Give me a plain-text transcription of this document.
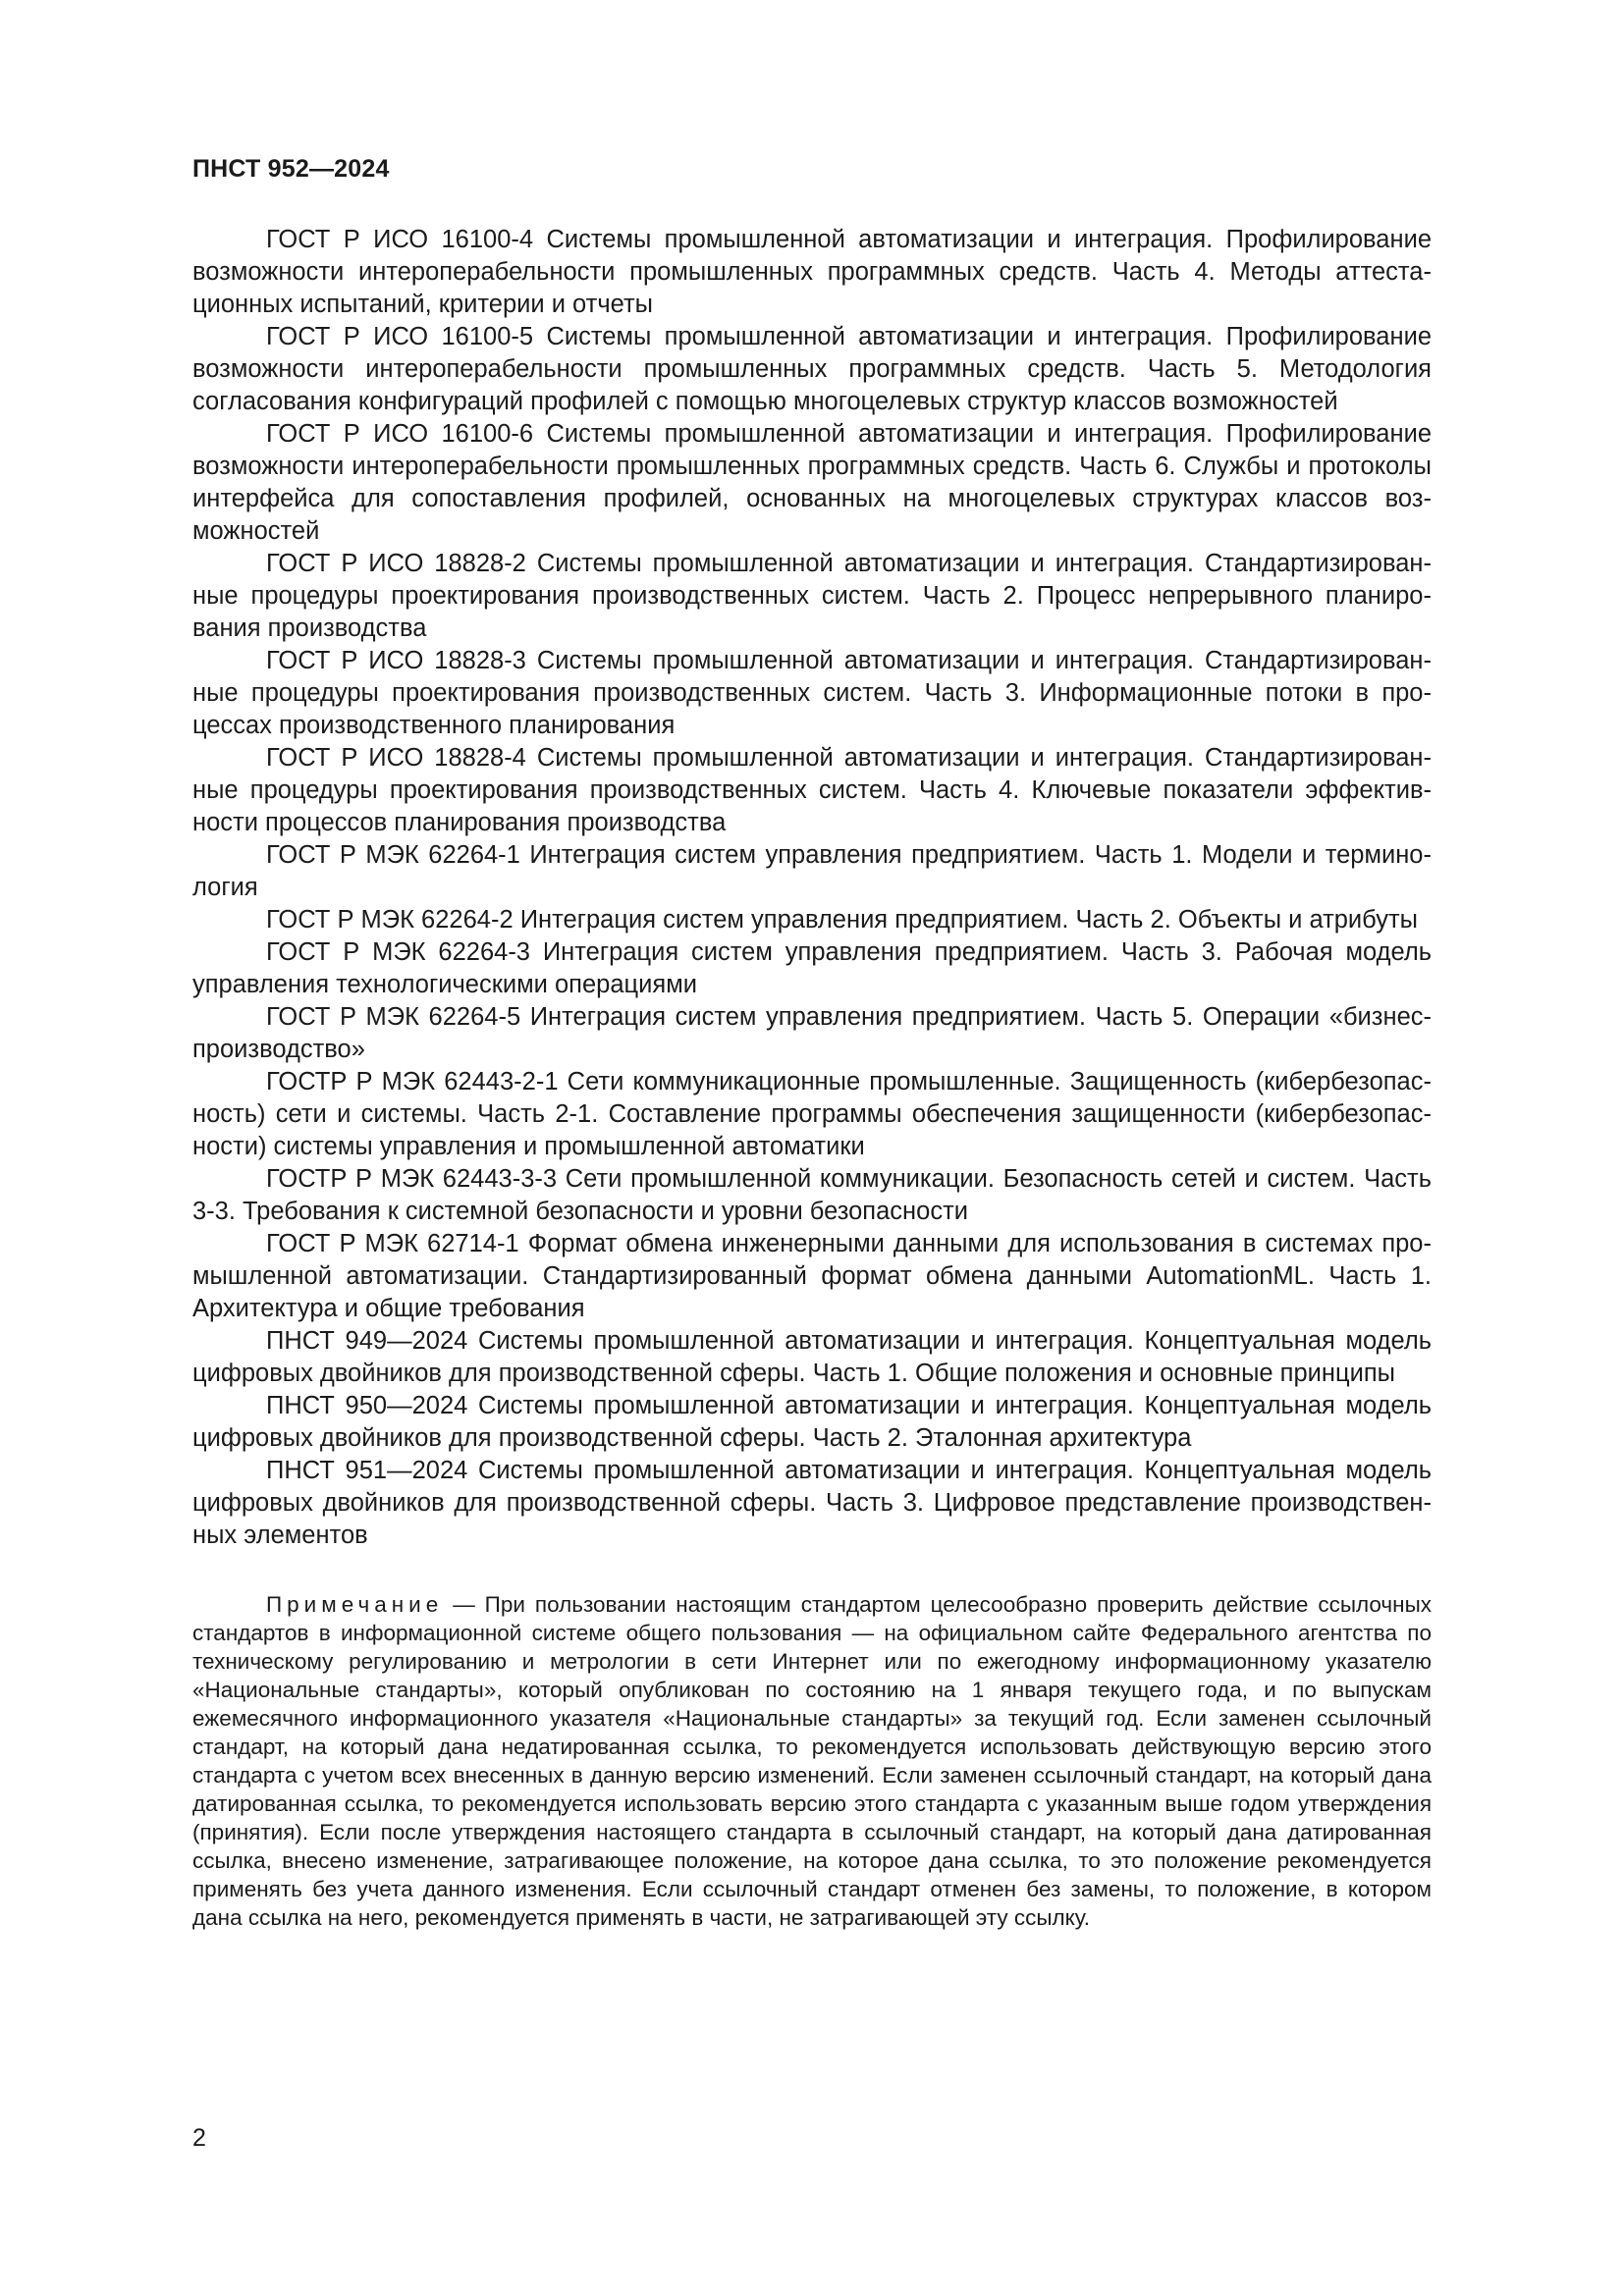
ПНСТ 952—2024

ГОСТ Р ИСО 16100-4 Системы промышленной автоматизации и интеграция. Профилирование возможности интероперабельности промышленных программных средств. Часть 4. Методы аттестационных испытаний, критерии и отчеты

ГОСТ Р ИСО 16100-5 Системы промышленной автоматизации и интеграция. Профилирование возможности интероперабельности промышленных программных средств. Часть 5. Методология согласования конфигураций профилей с помощью многоцелевых структур классов возможностей

ГОСТ Р ИСО 16100-6 Системы промышленной автоматизации и интеграция. Профилирование возможности интероперабельности промышленных программных средств. Часть 6. Службы и протоколы интерфейса для сопоставления профилей, основанных на многоцелевых структурах классов возможностей

ГОСТ Р ИСО 18828-2 Системы промышленной автоматизации и интеграция. Стандартизированные процедуры проектирования производственных систем. Часть 2. Процесс непрерывного планирования производства

ГОСТ Р ИСО 18828-3 Системы промышленной автоматизации и интеграция. Стандартизированные процедуры проектирования производственных систем. Часть 3. Информационные потоки в процессах производственного планирования

ГОСТ Р ИСО 18828-4 Системы промышленной автоматизации и интеграция. Стандартизированные процедуры проектирования производственных систем. Часть 4. Ключевые показатели эффективности процессов планирования производства

ГОСТ Р МЭК 62264-1 Интеграция систем управления предприятием. Часть 1. Модели и терминология

ГОСТ Р МЭК 62264-2 Интеграция систем управления предприятием. Часть 2. Объекты и атрибуты

ГОСТ Р МЭК 62264-3 Интеграция систем управления предприятием. Часть 3. Рабочая модель управления технологическими операциями

ГОСТ Р МЭК 62264-5 Интеграция систем управления предприятием. Часть 5. Операции «бизнес-производство»

ГОСТР Р МЭК 62443-2-1 Сети коммуникационные промышленные. Защищенность (кибербезопасность) сети и системы. Часть 2-1. Составление программы обеспечения защищенности (кибербезопасности) системы управления и промышленной автоматики

ГОСТР Р МЭК 62443-3-3 Сети промышленной коммуникации. Безопасность сетей и систем. Часть 3-3. Требования к системной безопасности и уровни безопасности

ГОСТ Р МЭК 62714-1 Формат обмена инженерными данными для использования в системах промышленной автоматизации. Стандартизированный формат обмена данными AutomationML. Часть 1. Архитектура и общие требования

ПНСТ 949—2024 Системы промышленной автоматизации и интеграция. Концептуальная модель цифровых двойников для производственной сферы. Часть 1. Общие положения и основные принципы

ПНСТ 950—2024 Системы промышленной автоматизации и интеграция. Концептуальная модель цифровых двойников для производственной сферы. Часть 2. Эталонная архитектура

ПНСТ 951—2024 Системы промышленной автоматизации и интеграция. Концептуальная модель цифровых двойников для производственной сферы. Часть 3. Цифровое представление производственных элементов

Примечание — При пользовании настоящим стандартом целесообразно проверить действие ссылочных стандартов в информационной системе общего пользования — на официальном сайте Федерального агентства по техническому регулированию и метрологии в сети Интернет или по ежегодному информационному указателю «Национальные стандарты», который опубликован по состоянию на 1 января текущего года, и по выпускам ежемесячного информационного указателя «Национальные стандарты» за текущий год. Если заменен ссылочный стандарт, на который дана недатированная ссылка, то рекомендуется использовать действующую версию этого стандарта с учетом всех внесенных в данную версию изменений. Если заменен ссылочный стандарт, на который дана датированная ссылка, то рекомендуется использовать версию этого стандарта с указанным выше годом утверждения (принятия). Если после утверждения настоящего стандарта в ссылочный стандарт, на который дана датированная ссылка, внесено изменение, затрагивающее положение, на которое дана ссылка, то это положение рекомендуется применять без учета данного изменения. Если ссылочный стандарт отменен без замены, то положение, в котором дана ссылка на него, рекомендуется применять в части, не затрагивающей эту ссылку.

2
